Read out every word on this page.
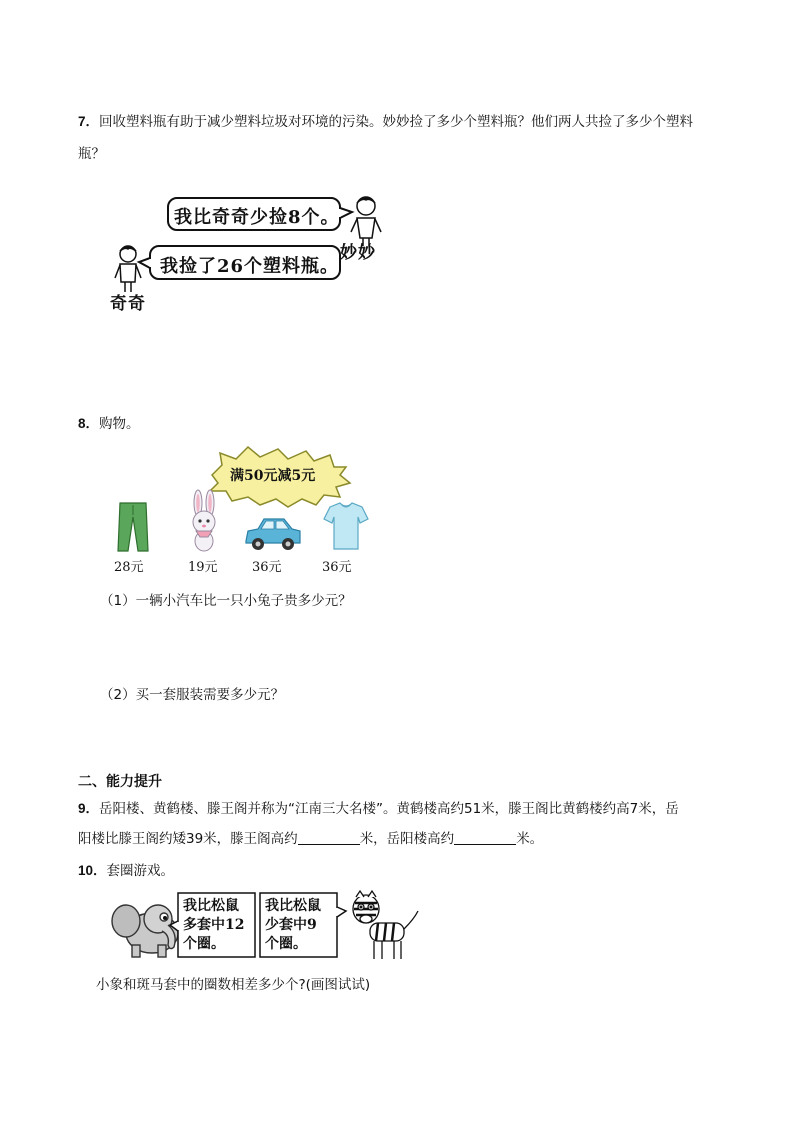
7．回收塑料瓶有助于减少塑料垃圾对环境的污染。妙妙捡了多少个塑料瓶？他们两人共捡了多少个塑料
瓶？
我比奇奇少捡8个。
我捡了26个塑料瓶。
妙妙
奇奇
8．购物。
满50元减5元
28元	19元	36元	36元
（1）一辆小汽车比一只小兔子贵多少元？
（2）买一套服装需要多少元？
二、能力提升
9．岳阳楼、黄鹤楼、滕王阁并称为“江南三大名楼”。黄鹤楼高约51米，滕王阁比黄鹤楼约高7米，岳
阳楼比滕王阁约矮39米，滕王阁高约	米，岳阳楼高约	米。
10．套圈游戏。
我比松鼠
多套中12
个圈。
我比松鼠
少套中9
个圈。
小象和斑马套中的圈数相差多少个?(画图试试)
